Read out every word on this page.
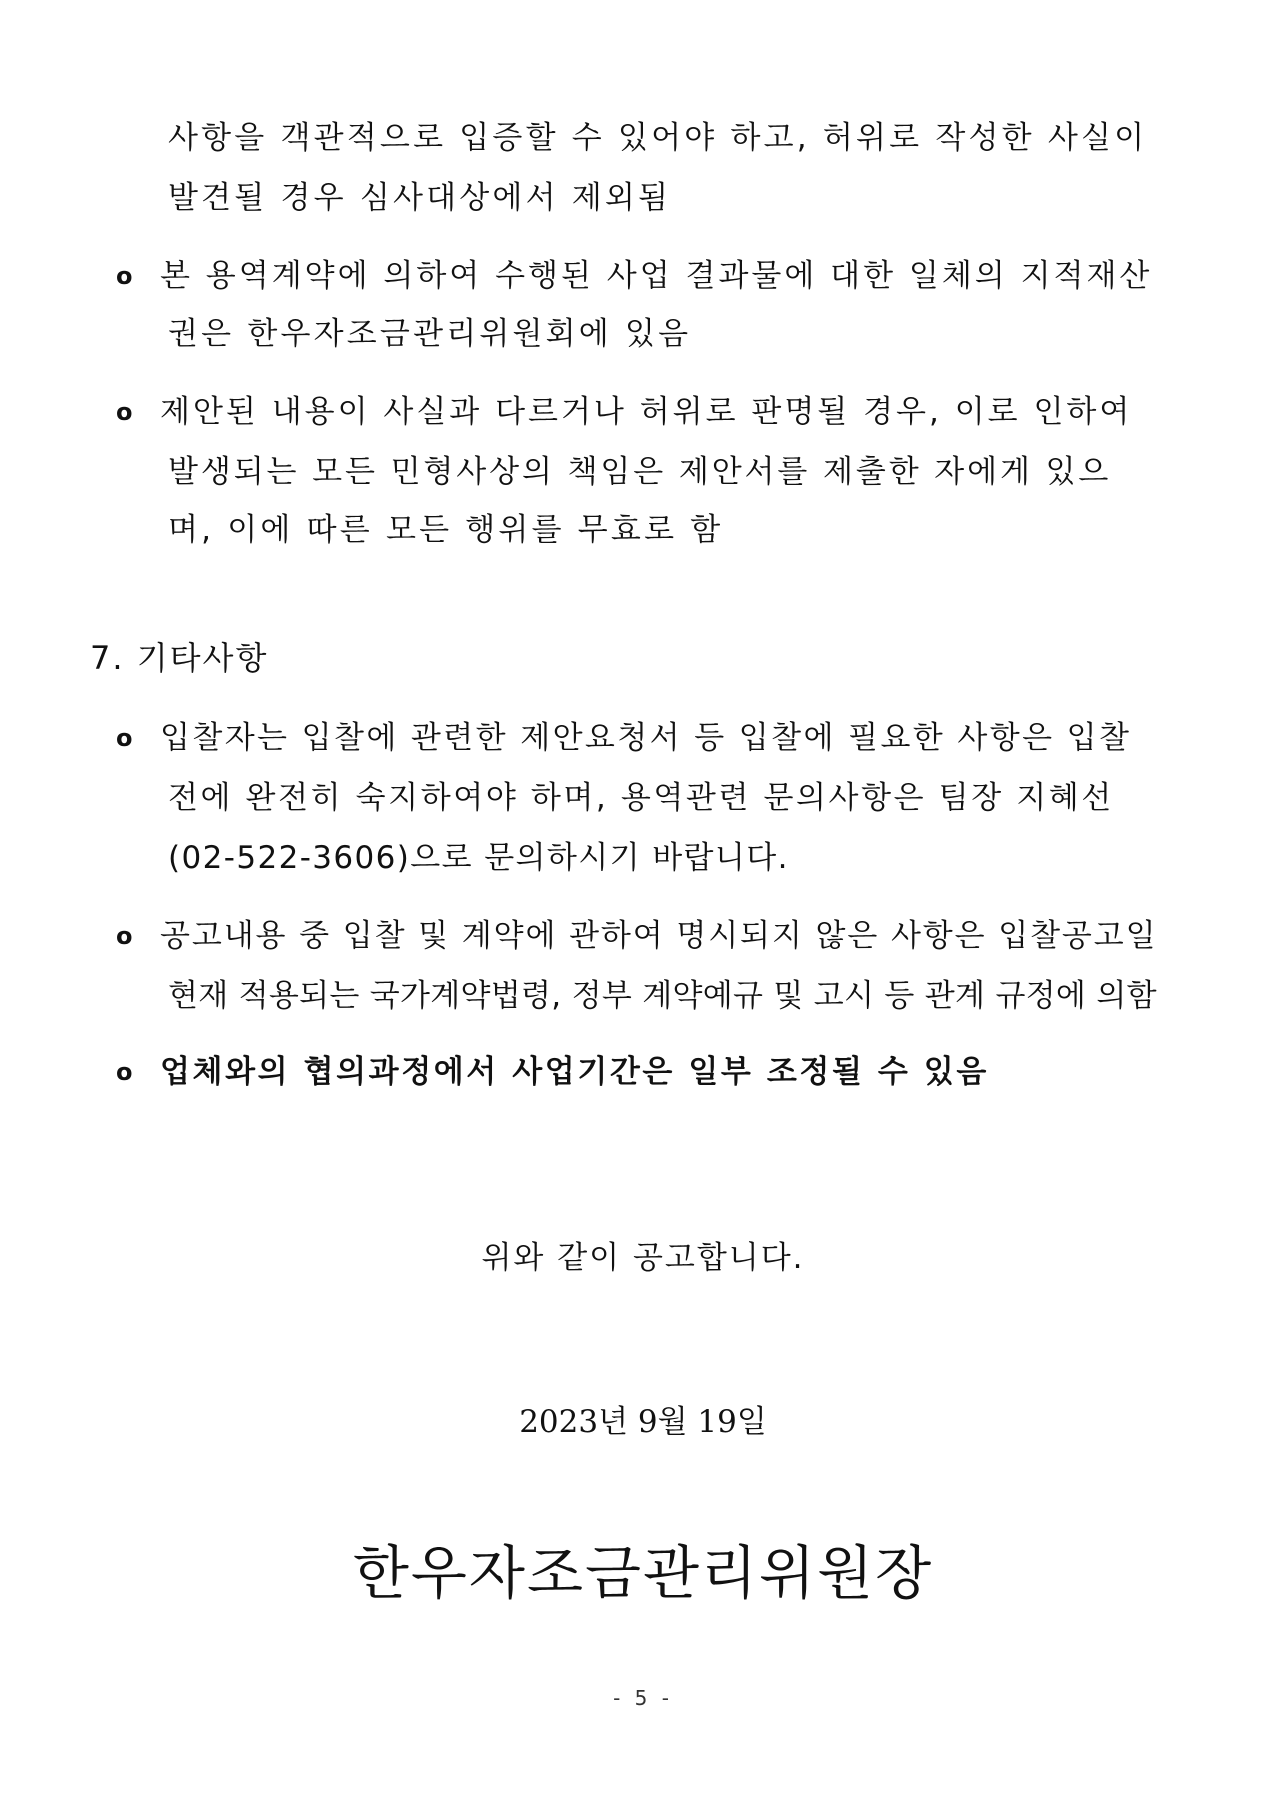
사항을 객관적으로 입증할 수 있어야 하고, 허위로 작성한 사실이
발견될 경우 심사대상에서 제외됨
o 본 용역계약에 의하여 수행된 사업 결과물에 대한 일체의 지적재산
권은 한우자조금관리위원회에 있음
o 제안된 내용이 사실과 다르거나 허위로 판명될 경우, 이로 인하여
발생되는 모든 민형사상의 책임은 제안서를 제출한 자에게 있으
며, 이에 따른 모든 행위를 무효로 함
7. 기타사항
o 입찰자는 입찰에 관련한 제안요청서 등 입찰에 필요한 사항은 입찰
전에 완전히 숙지하여야 하며, 용역관련 문의사항은 팀장 지혜선
(02-522-3606)으로 문의하시기 바랍니다.
o 공고내용 중 입찰 및 계약에 관하여 명시되지 않은 사항은 입찰공고일
현재 적용되는 국가계약법령, 정부 계약예규 및 고시 등 관계 규정에 의함
o 업체와의 협의과정에서 사업기간은 일부 조정될 수 있음
위와 같이 공고합니다.
2023년 9월 19일
한우자조금관리위원장
- 5 -
